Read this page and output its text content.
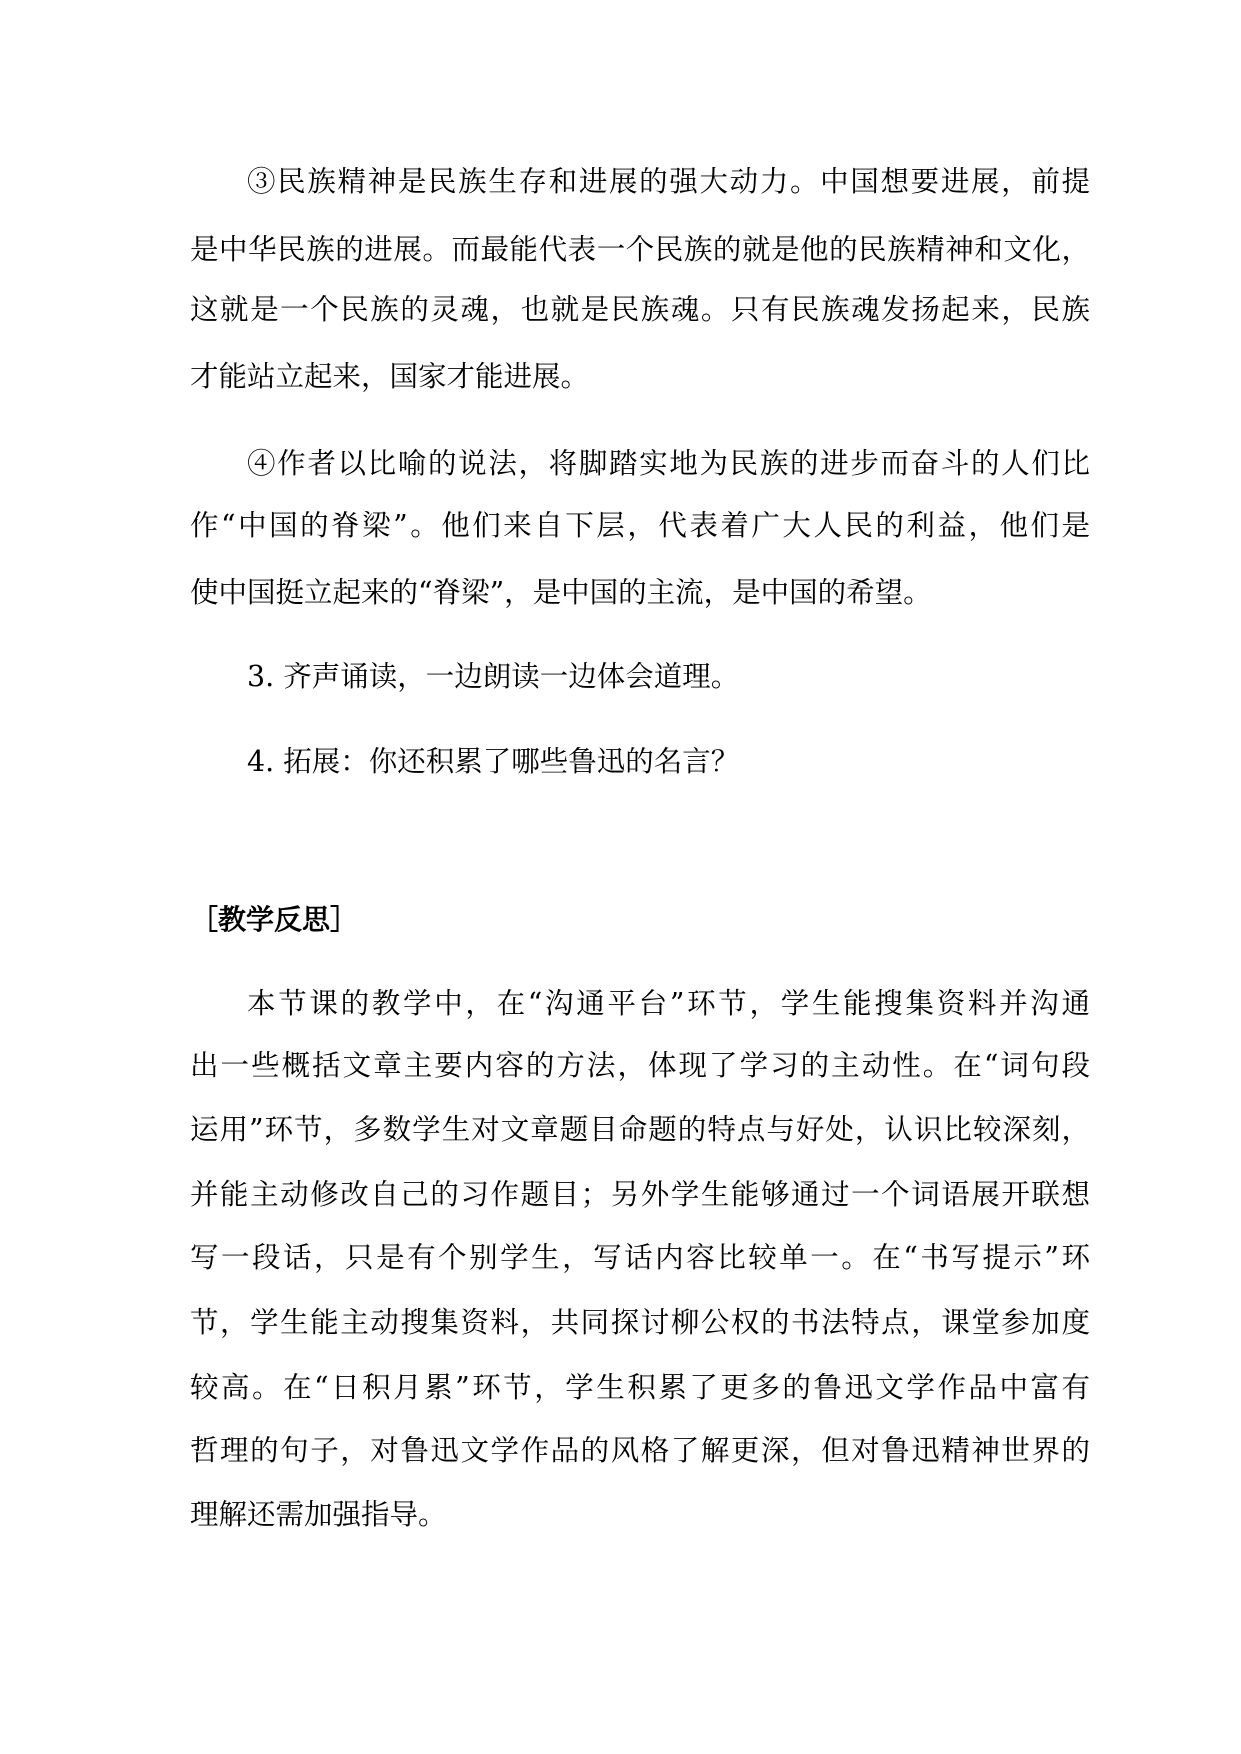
③民族精神是民族生存和进展的强大动力。中国想要进展，前提
是中华民族的进展。而最能代表一个民族的就是他的民族精神和文化，
这就是一个民族的灵魂，也就是民族魂。只有民族魂发扬起来，民族
才能站立起来，国家才能进展。
④作者以比喻的说法，将脚踏实地为民族的进步而奋斗的人们比
作“中国的脊梁”。他们来自下层，代表着广大人民的利益，他们是
使中国挺立起来的“脊梁”，是中国的主流，是中国的希望。
3. 齐声诵读，一边朗读一边体会道理。
4. 拓展：你还积累了哪些鲁迅的名言？
［教学反思］
本节课的教学中，在“沟通平台”环节，学生能搜集资料并沟通
出一些概括文章主要内容的方法，体现了学习的主动性。在“词句段
运用”环节，多数学生对文章题目命题的特点与好处，认识比较深刻，
并能主动修改自己的习作题目；另外学生能够通过一个词语展开联想
写一段话，只是有个别学生，写话内容比较单一。在“书写提示”环
节，学生能主动搜集资料，共同探讨柳公权的书法特点，课堂参加度
较高。在“日积月累”环节，学生积累了更多的鲁迅文学作品中富有
哲理的句子，对鲁迅文学作品的风格了解更深，但对鲁迅精神世界的
理解还需加强指导。
